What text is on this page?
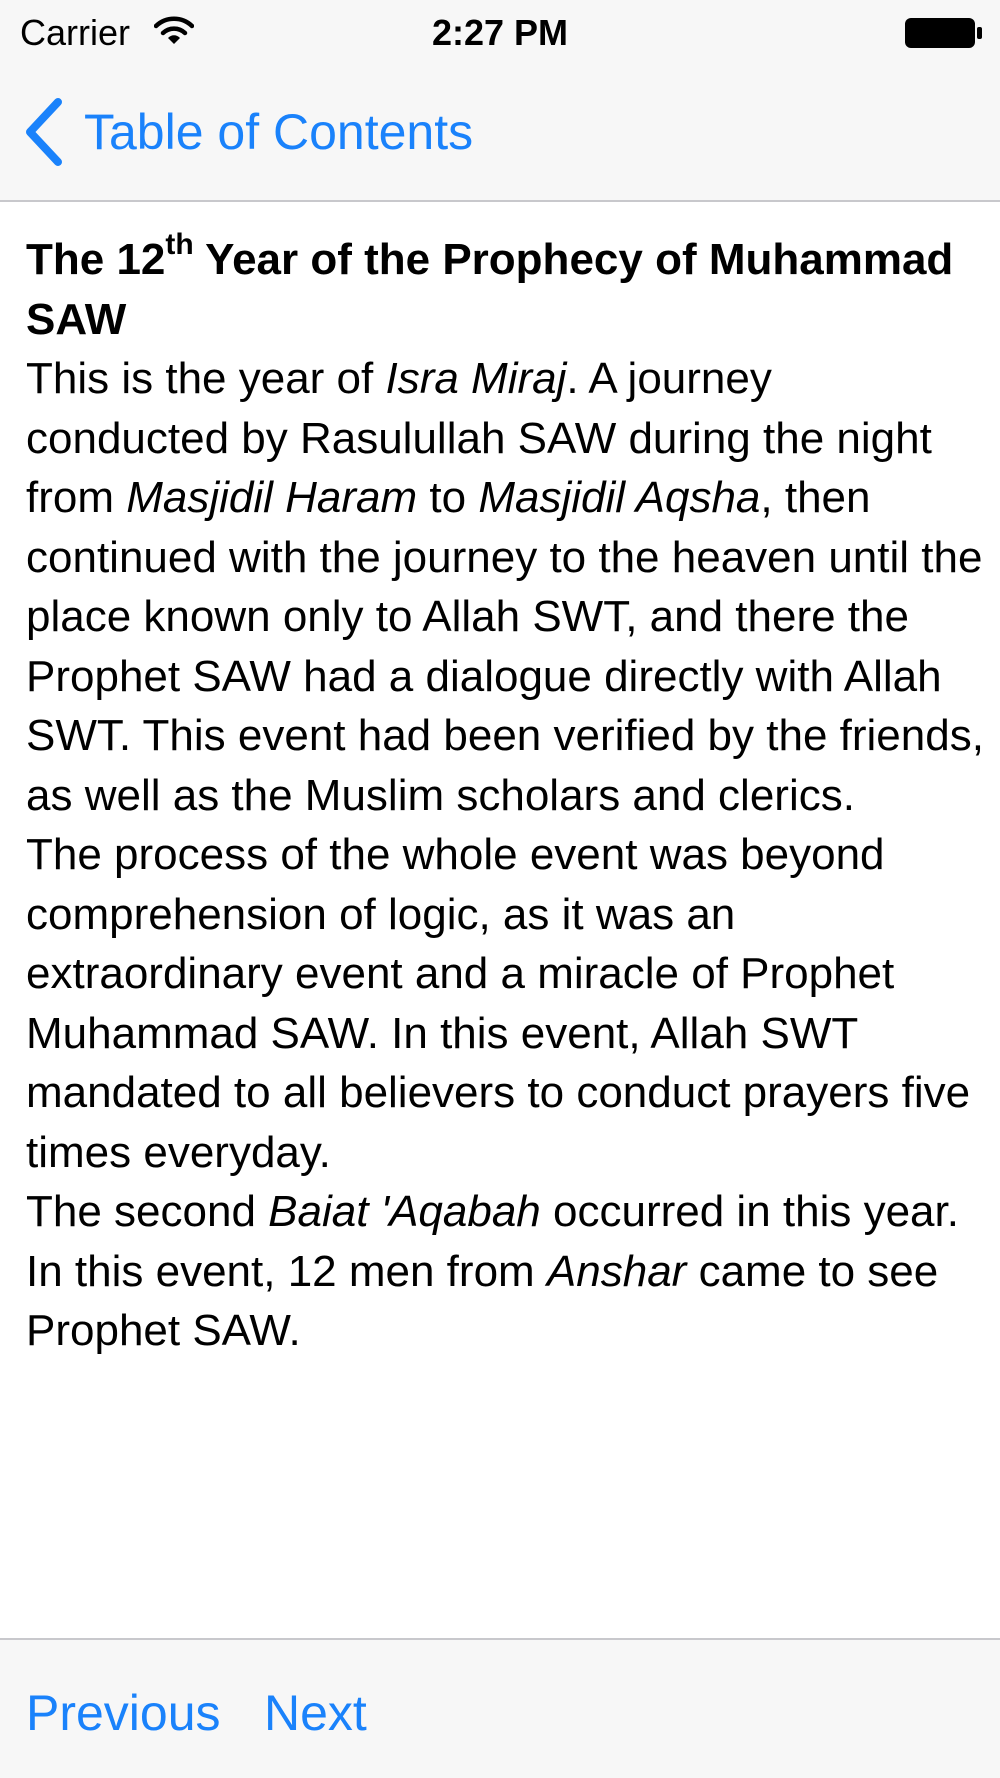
Carrier	2:27 PM
Table of Contents
The 12th Year of the Prophecy of Muhammad SAW
This is the year of Isra Miraj. A journey conducted by Rasulullah SAW during the night from Masjidil Haram to Masjidil Aqsha, then continued with the journey to the heaven until the place known only to Allah SWT, and there the Prophet SAW had a dialogue directly with Allah SWT. This event had been verified by the friends, as well as the Muslim scholars and clerics.
The process of the whole event was beyond comprehension of logic, as it was an extraordinary event and a miracle of Prophet Muhammad SAW. In this event, Allah SWT mandated to all believers to conduct prayers five times everyday.
The second Baiat 'Aqabah occurred in this year. In this event, 12 men from Anshar came to see Prophet SAW.
Previous Next
